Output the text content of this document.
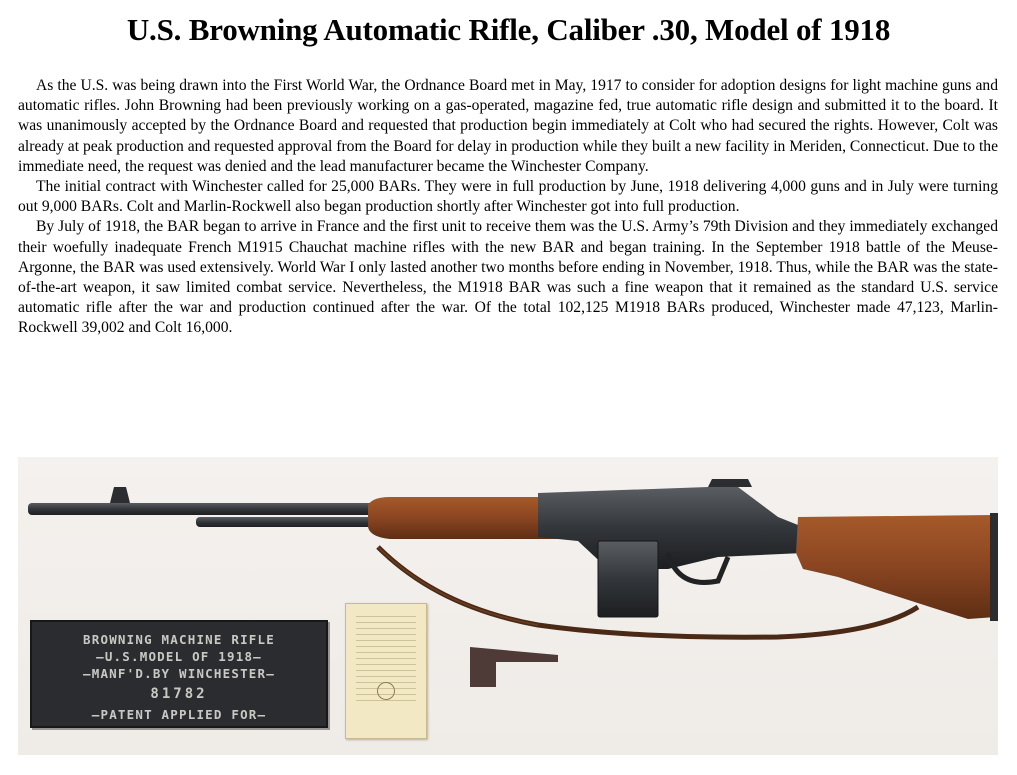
U.S. Browning Automatic Rifle, Caliber .30, Model of 1918

As the U.S. was being drawn into the First World War, the Ordnance Board met in May, 1917 to consider for adoption designs for light machine guns and automatic rifles. John Browning had been previously working on a gas-operated, magazine fed, true automatic rifle design and submitted it to the board. It was unanimously accepted by the Ordnance Board and requested that production begin immediately at Colt who had secured the rights. However, Colt was already at peak production and requested approval from the Board for delay in production while they built a new facility in Meriden, Connecticut. Due to the immediate need, the request was denied and the lead manufacturer became the Winchester Company.

The initial contract with Winchester called for 25,000 BARs. They were in full production by June, 1918 delivering 4,000 guns and in July were turning out 9,000 BARs. Colt and Marlin-Rockwell also began production shortly after Winchester got into full production.

By July of 1918, the BAR began to arrive in France and the first unit to receive them was the U.S. Army’s 79th Division and they immediately exchanged their woefully inadequate French M1915 Chauchat machine rifles with the new BAR and began training. In the September 1918 battle of the Meuse-Argonne, the BAR was used extensively. World War I only lasted another two months before ending in November, 1918. Thus, while the BAR was the state-of-the-art weapon, it saw limited combat service. Nevertheless, the M1918 BAR was such a fine weapon that it remained as the standard U.S. service automatic rifle after the war and production continued after the war. Of the total 102,125 M1918 BARs produced, Winchester made 47,123, Marlin-Rockwell 39,002 and Colt 16,000.

BROWNING MACHINE RIFLE
— U.S.MODEL OF 1918 —
— MANF'D.BY WINCHESTER —
81782
— PATENT APPLIED FOR —
